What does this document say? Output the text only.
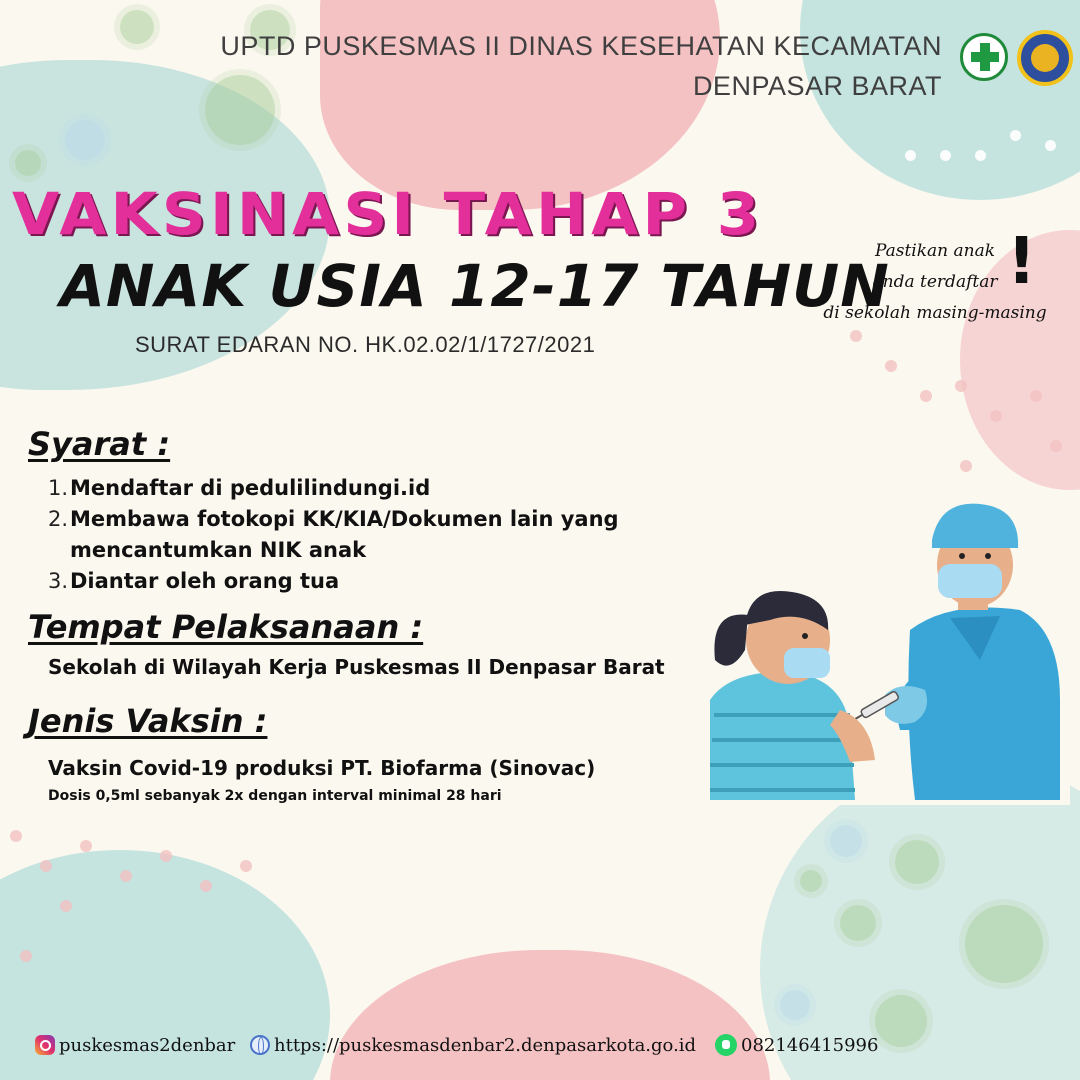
UPTD PUSKESMAS II DINAS KESEHATAN KECAMATAN
DENPASAR BARAT
VAKSINASI TAHAP 3
ANAK USIA 12-17 TAHUN
SURAT EDARAN NO. HK.02.02/1/1727/2021
Pastikan anak
anda terdaftar
di sekolah masing-masing
!
Syarat :
1. Mendaftar di pedulilindungi.id
2. Membawa fotokopi KK/KIA/Dokumen lain yang mencantumkan NIK anak
3. Diantar oleh orang tua
Tempat Pelaksanaan :
Sekolah di Wilayah Kerja Puskesmas II Denpasar Barat
Jenis Vaksin :
Vaksin Covid-19 produksi PT. Biofarma (Sinovac)
Dosis 0,5ml sebanyak 2x dengan interval minimal 28 hari
puskesmas2denbar https://puskesmasdenbar2.denpasarkota.go.id 082146415996
